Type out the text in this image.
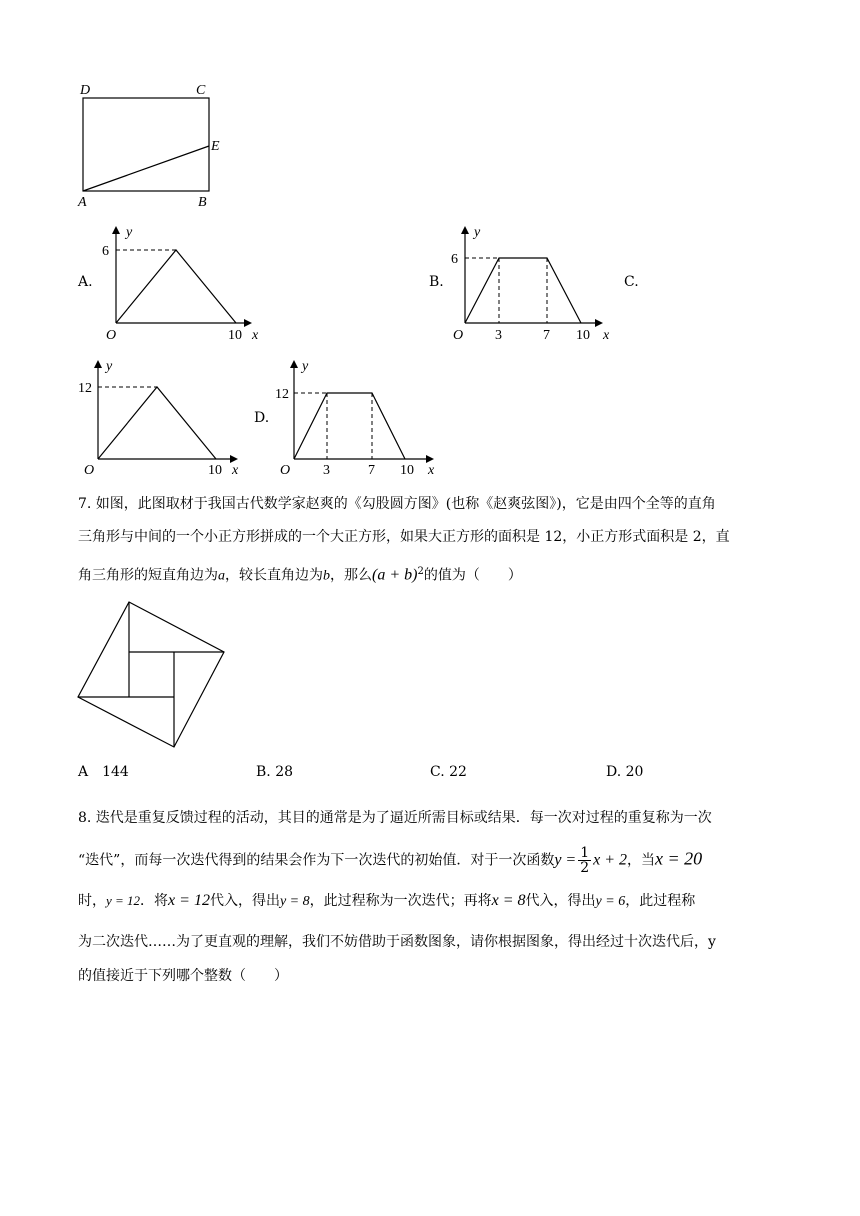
D	C
E
A	B
A.
y
6
O	10 x
B.
y
6
O 3	7 10 x
C.
y
12
O	10 x
D.
y
12
O 3	7 10 x
7. 如图，此图取材于我国古代数学家赵爽的《勾股圆方图》(也称《赵爽弦图》)，它是由四个全等的直角
三角形与中间的一个小正方形拼成的一个大正方形，如果大正方形的面积是 12，小正方形式面积是 2，直
角三角形的短直角边为a，较长直角边为b，那么$(a + b)^2$的值为（　　）
A　144	B. 28	C. 22	D. 20
8. 迭代是重复反馈过程的活动，其目的通常是为了逼近所需目标或结果．每一次对过程的重复称为一次
“迭代”，而每一次迭代得到的结果会作为下一次迭代的初始值．对于一次函数$y = \frac{1}{2}$ x + 2，当x = 20
时，y = 12．将x = 12代入，得出y = 8，此过程称为一次迭代；再将x = 8代入，得出y = 6，此过程称
为二次迭代……为了更直观的理解，我们不妨借助于函数图象，请你根据图象，得出经过十次迭代后，y
的值接近于下列哪个整数（　　）
